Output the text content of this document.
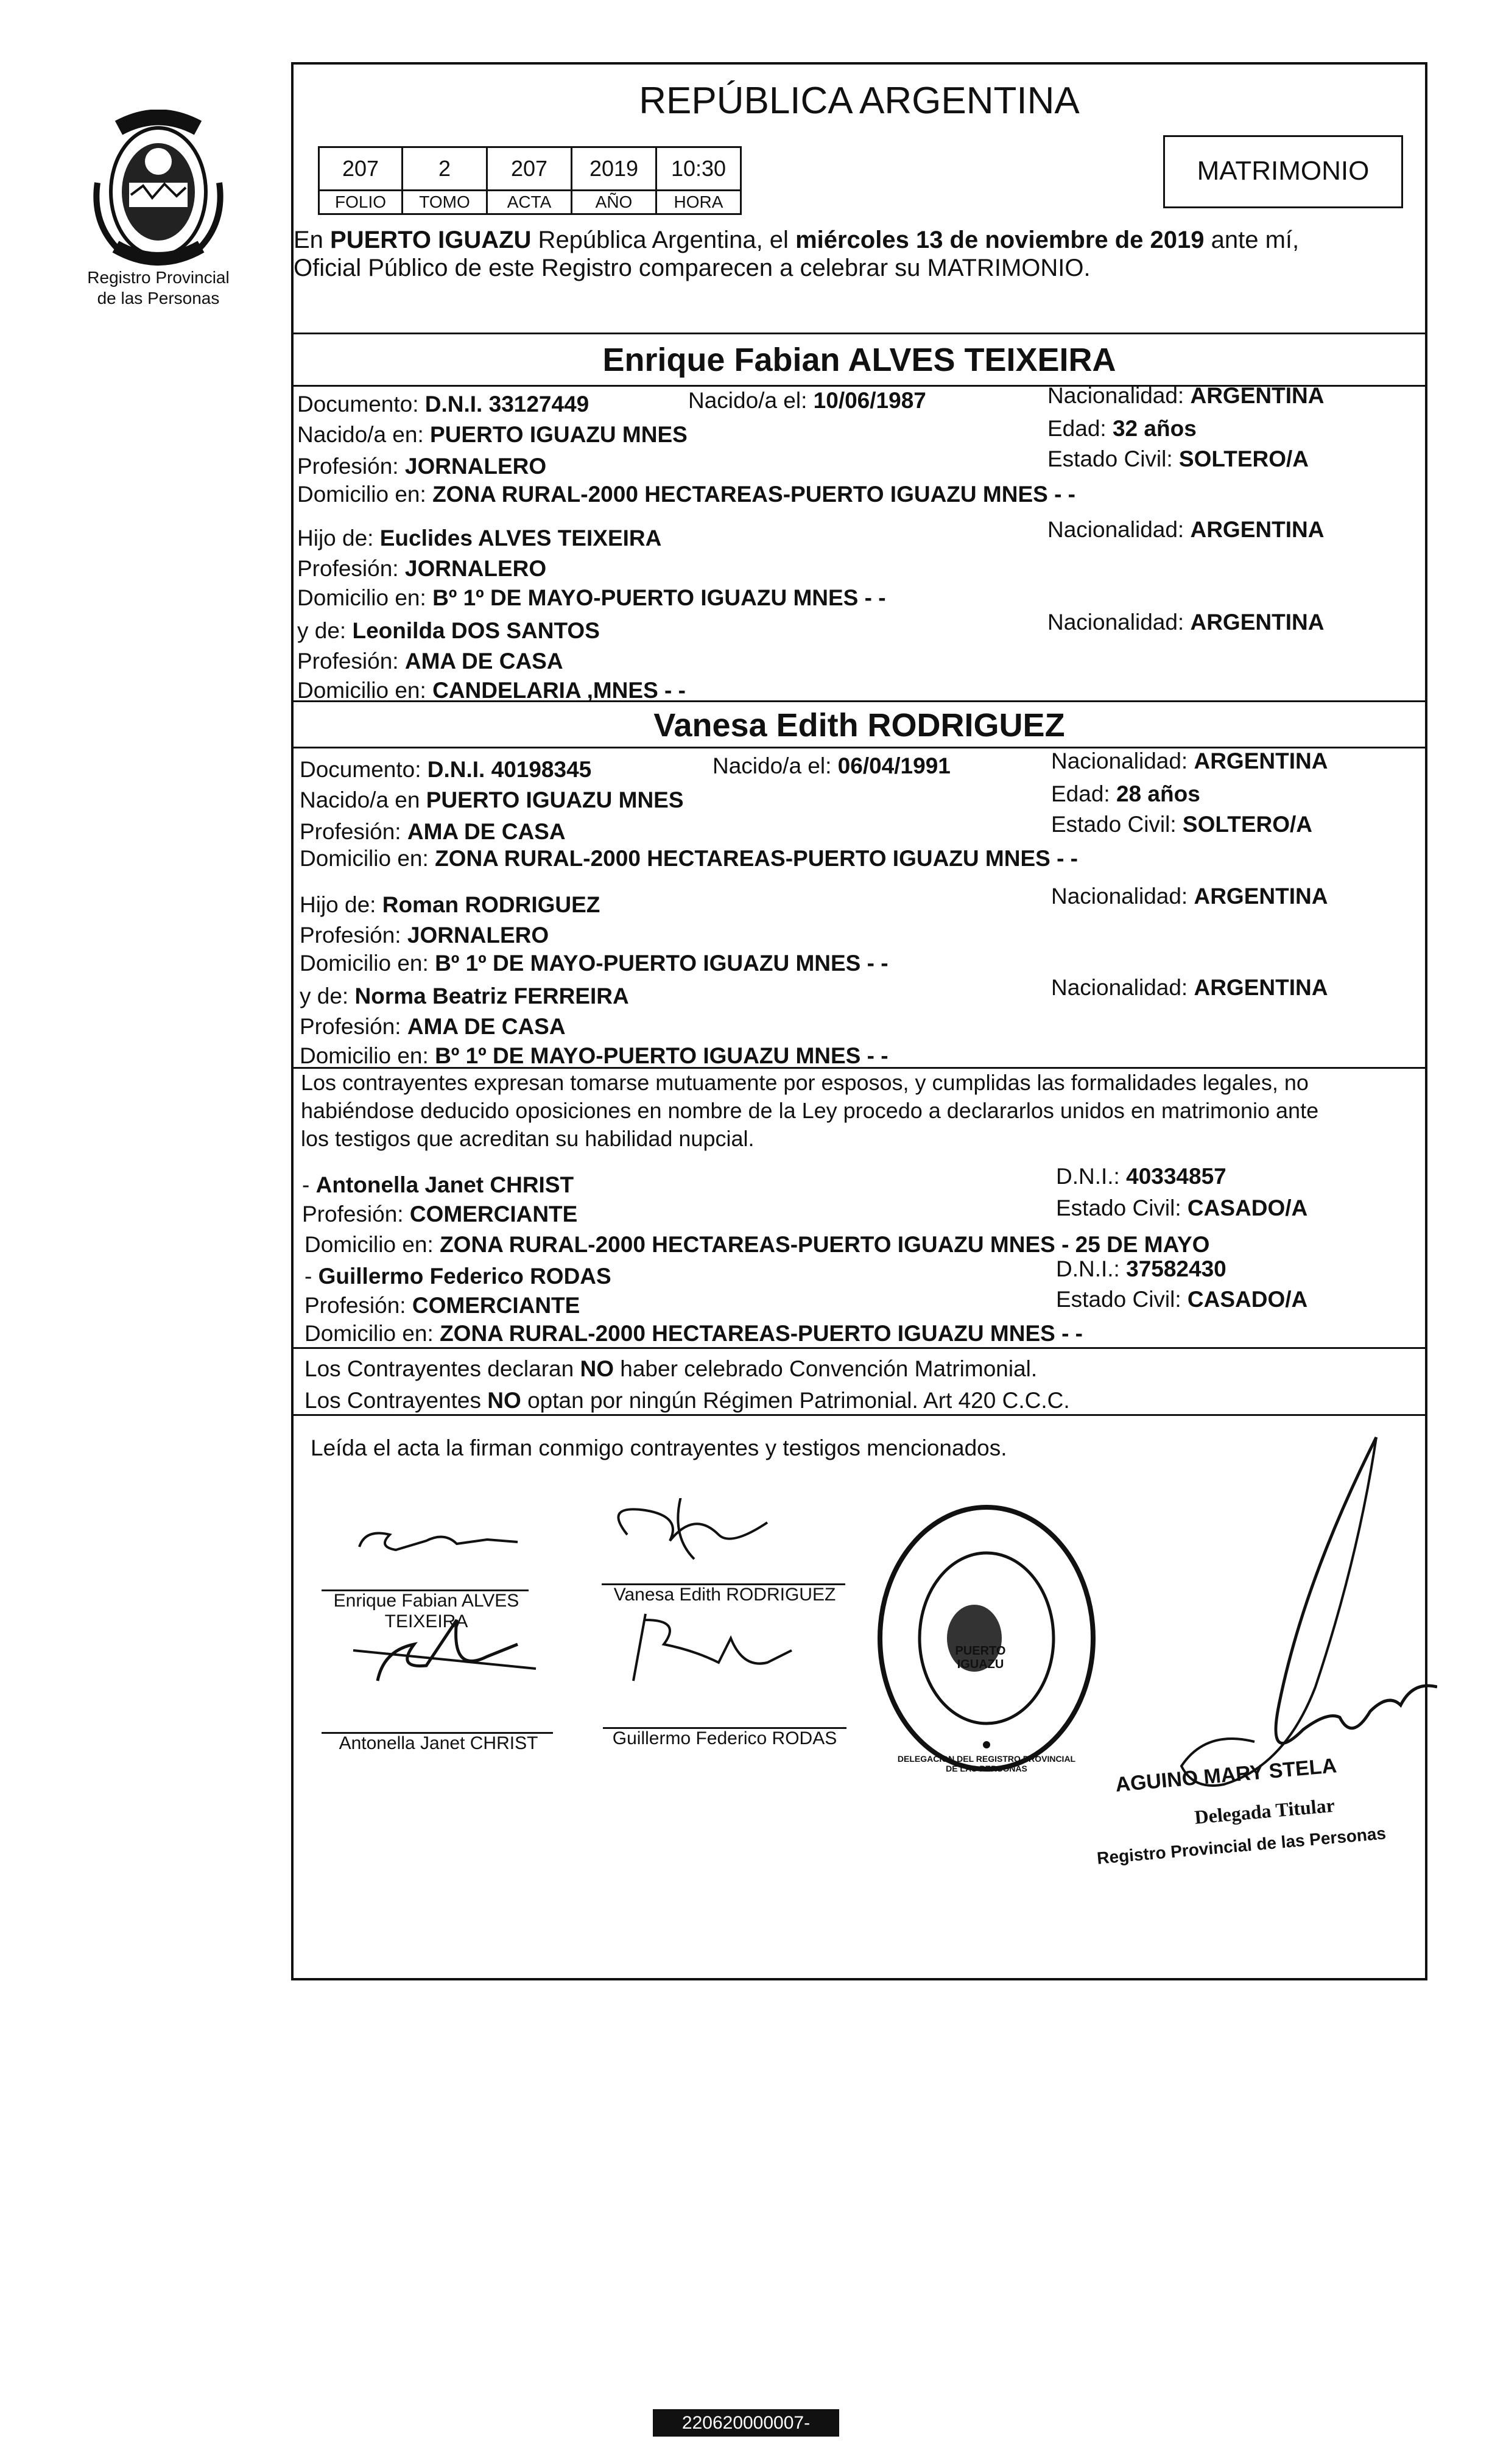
Registro Provincial
de las Personas
REPÚBLICA ARGENTINA
207	2	207	2019	10:30
FOLIO	TOMO	ACTA	AÑO	HORA
MATRIMONIO
En PUERTO IGUAZU República Argentina, el miércoles 13 de noviembre de 2019 ante mí,
Oficial Público de este Registro comparecen a celebrar su MATRIMONIO.
Enrique Fabian ALVES TEIXEIRA
Documento: D.N.I. 33127449	Nacido/a el: 10/06/1987	Nacionalidad: ARGENTINA
Nacido/a en: PUERTO IGUAZU MNES	Edad: 32 años
Profesión: JORNALERO	Estado Civil: SOLTERO/A
Domicilio en: ZONA RURAL-2000 HECTAREAS-PUERTO IGUAZU MNES - -
Hijo de: Euclides ALVES TEIXEIRA	Nacionalidad: ARGENTINA
Profesión: JORNALERO
Domicilio en: Bº 1º DE MAYO-PUERTO IGUAZU MNES - -
y de: Leonilda DOS SANTOS	Nacionalidad: ARGENTINA
Profesión: AMA DE CASA
Domicilio en: CANDELARIA ,MNES - -
Vanesa Edith RODRIGUEZ
Documento: D.N.I. 40198345	Nacido/a el: 06/04/1991	Nacionalidad: ARGENTINA
Nacido/a en PUERTO IGUAZU MNES	Edad: 28 años
Profesión: AMA DE CASA	Estado Civil: SOLTERO/A
Domicilio en: ZONA RURAL-2000 HECTAREAS-PUERTO IGUAZU MNES - -
Hijo de: Roman RODRIGUEZ	Nacionalidad: ARGENTINA
Profesión: JORNALERO
Domicilio en: Bº 1º DE MAYO-PUERTO IGUAZU MNES - -
y de: Norma Beatriz FERREIRA	Nacionalidad: ARGENTINA
Profesión: AMA DE CASA
Domicilio en: Bº 1º DE MAYO-PUERTO IGUAZU MNES - -
Los contrayentes expresan tomarse mutuamente por esposos, y cumplidas las formalidades legales, no
habiéndose deducido oposiciones en nombre de la Ley procedo a declararlos unidos en matrimonio ante
los testigos que acreditan su habilidad nupcial.
- Antonella Janet CHRIST	D.N.I.: 40334857
Profesión: COMERCIANTE	Estado Civil: CASADO/A
Domicilio en: ZONA RURAL-2000 HECTAREAS-PUERTO IGUAZU MNES - 25 DE MAYO
- Guillermo Federico RODAS	D.N.I.: 37582430
Profesión: COMERCIANTE	Estado Civil: CASADO/A
Domicilio en: ZONA RURAL-2000 HECTAREAS-PUERTO IGUAZU MNES - -
Los Contrayentes declaran NO haber celebrado Convención Matrimonial.
Los Contrayentes NO optan por ningún Régimen Patrimonial. Art 420 C.C.C.
Leída el acta la firman conmigo contrayentes y testigos mencionados.
Enrique Fabian ALVES
TEIXEIRA
Vanesa Edith RODRIGUEZ
Antonella Janet CHRIST	Guillermo Federico RODAS
PUERTO IGUAZU
DELEGACION DEL REGISTRO PROVINCIAL DE LAS PERSONAS	AGUINO MARY STELA
Delegada Titular
Registro Provincial de las Personas
220620000007-042766
